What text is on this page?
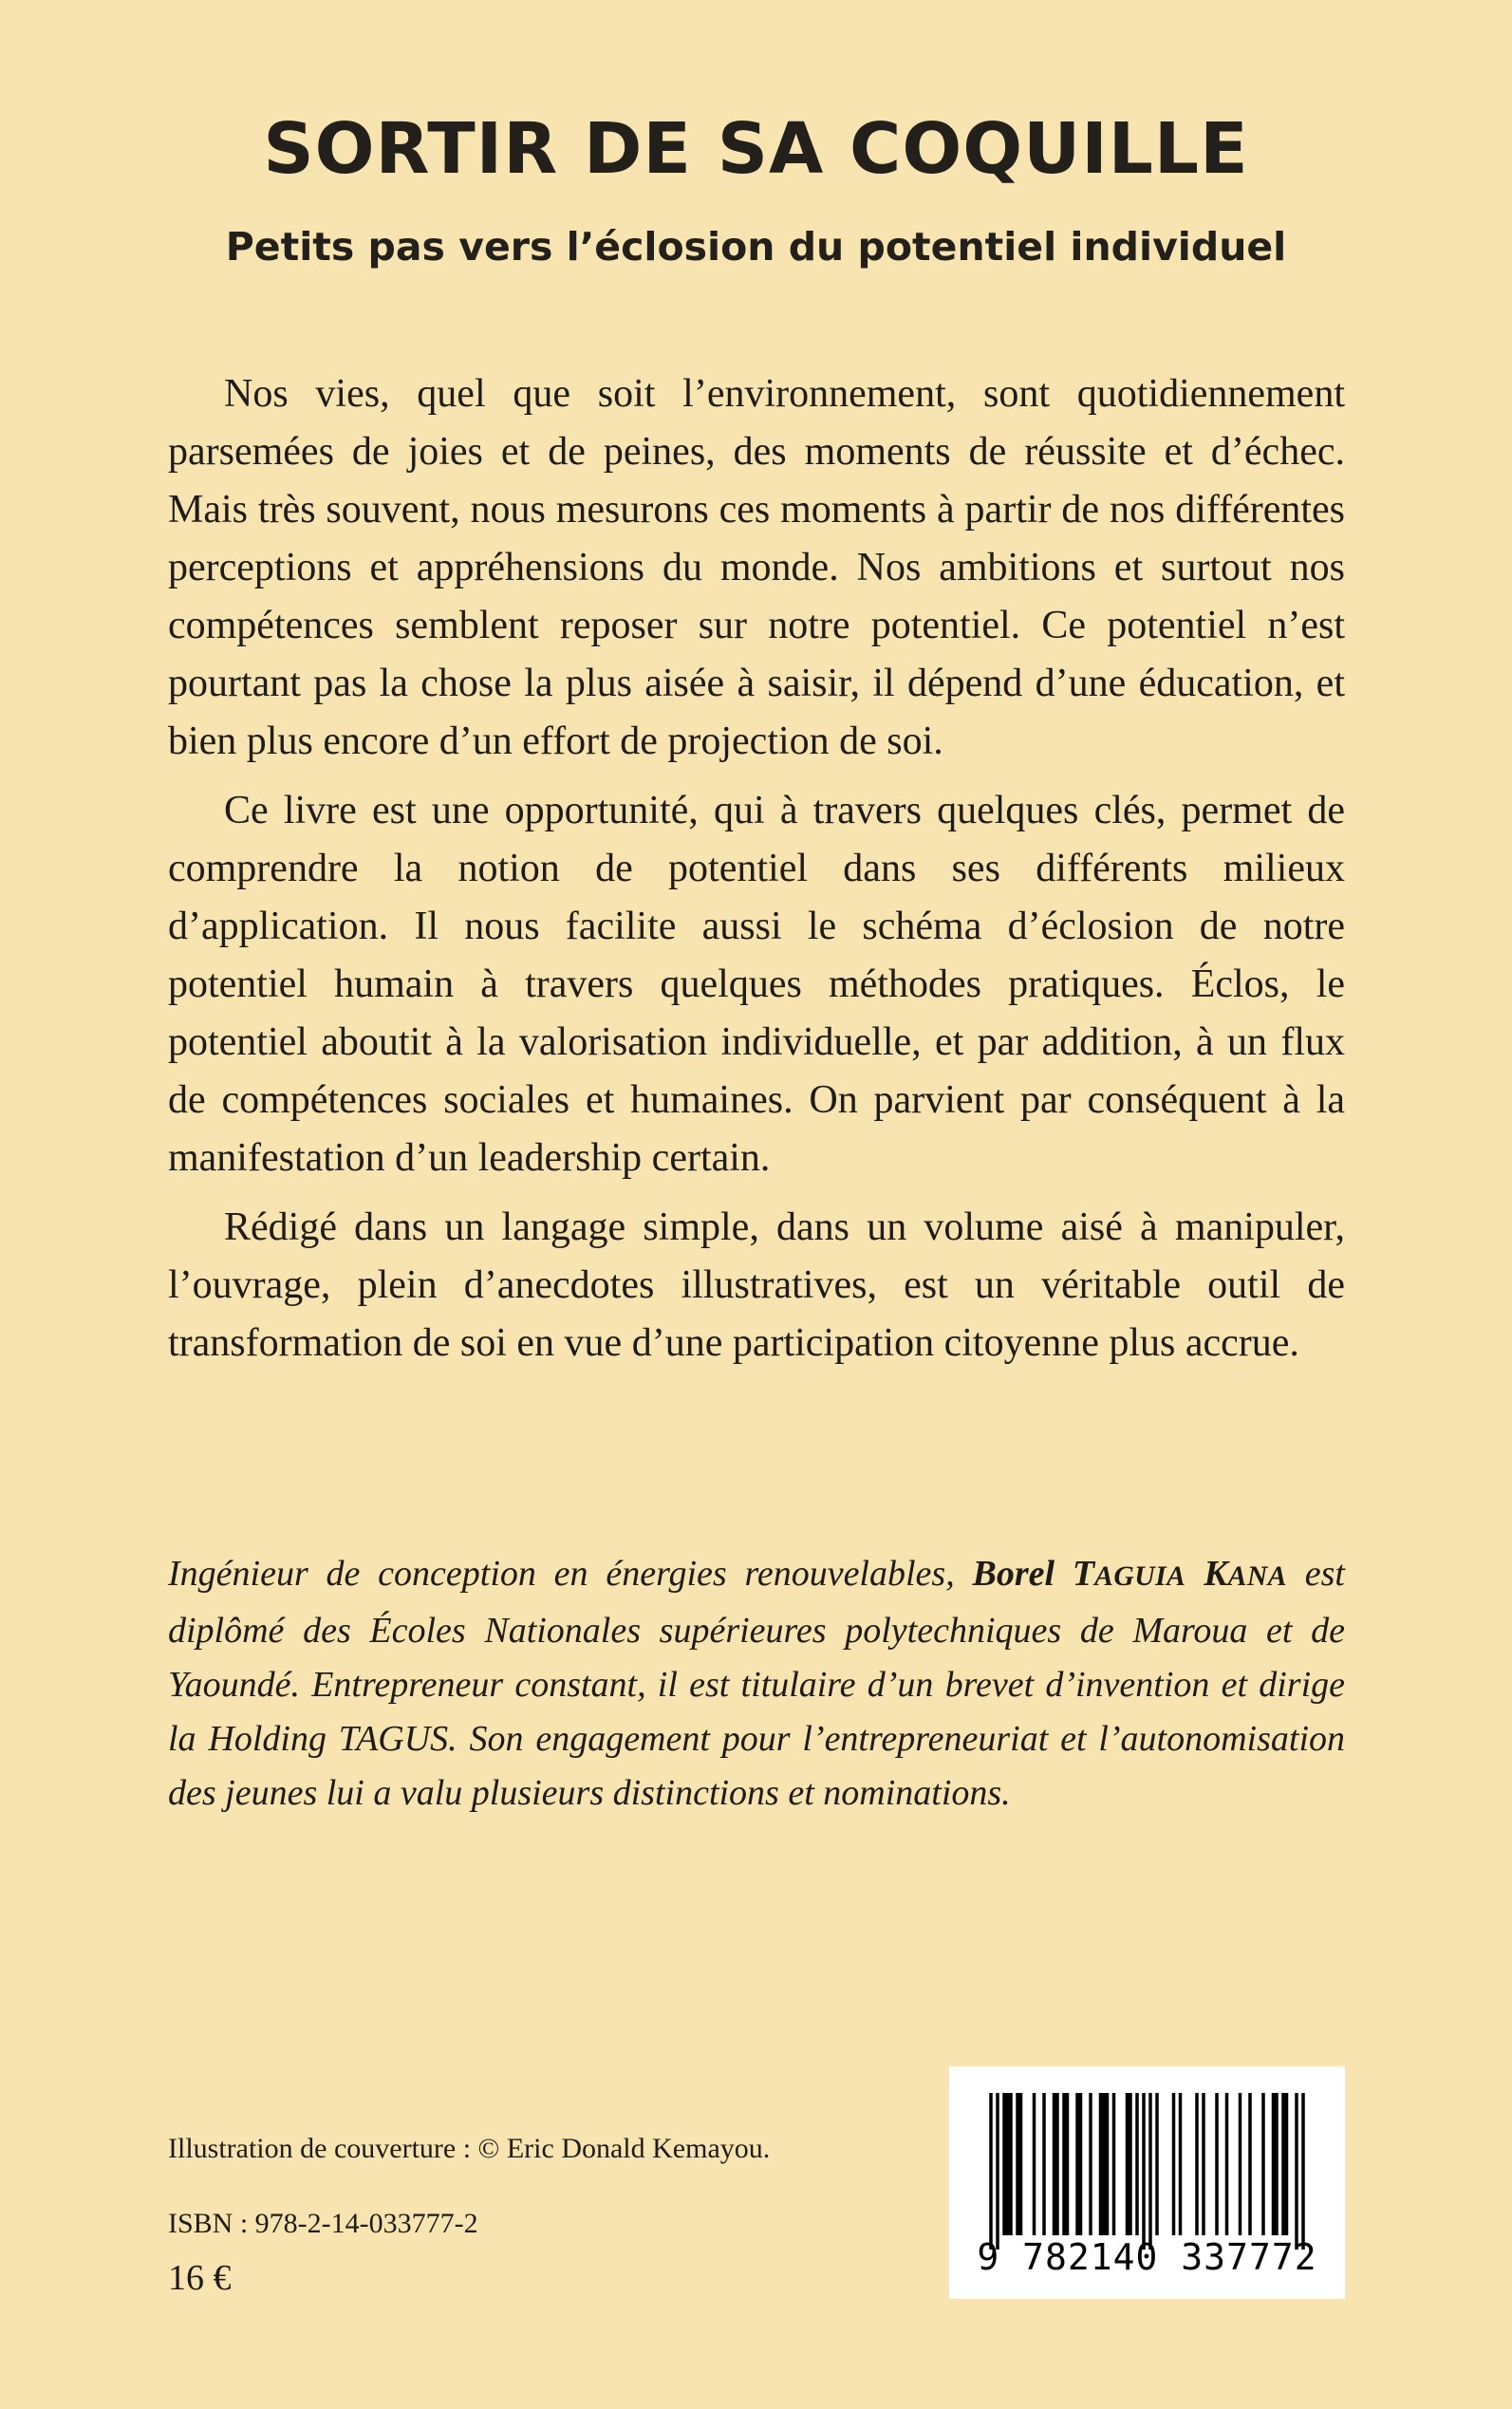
SORTIR DE SA COQUILLE
Petits pas vers l’éclosion du potentiel individuel

Nos vies, quel que soit l’environnement, sont quotidiennement parsemées de joies et de peines, des moments de réussite et d’échec. Mais très souvent, nous mesurons ces moments à partir de nos différentes perceptions et appréhensions du monde. Nos ambitions et surtout nos compétences semblent reposer sur notre potentiel. Ce potentiel n’est pourtant pas la chose la plus aisée à saisir, il dépend d’une éducation, et bien plus encore d’un effort de projection de soi.

Ce livre est une opportunité, qui à travers quelques clés, permet de comprendre la notion de potentiel dans ses différents milieux d’application. Il nous facilite aussi le schéma d’éclosion de notre potentiel humain à travers quelques méthodes pratiques. Éclos, le potentiel aboutit à la valorisation individuelle, et par addition, à un flux de compétences sociales et humaines. On parvient par conséquent à la manifestation d’un leadership certain.

Rédigé dans un langage simple, dans un volume aisé à manipuler, l’ouvrage, plein d’anecdotes illustratives, est un véritable outil de transformation de soi en vue d’une participation citoyenne plus accrue.

Ingénieur de conception en énergies renouvelables, Borel TAGUIA KANA est diplômé des Écoles Nationales supérieures polytechniques de Maroua et de Yaoundé. Entrepreneur constant, il est titulaire d’un brevet d’invention et dirige la Holding TAGUS. Son engagement pour l’entrepreneuriat et l’autonomisation des jeunes lui a valu plusieurs distinctions et nominations.

Illustration de couverture : © Eric Donald Kemayou.
ISBN : 978-2-14-033777-2
16 €	9 782140 337772
